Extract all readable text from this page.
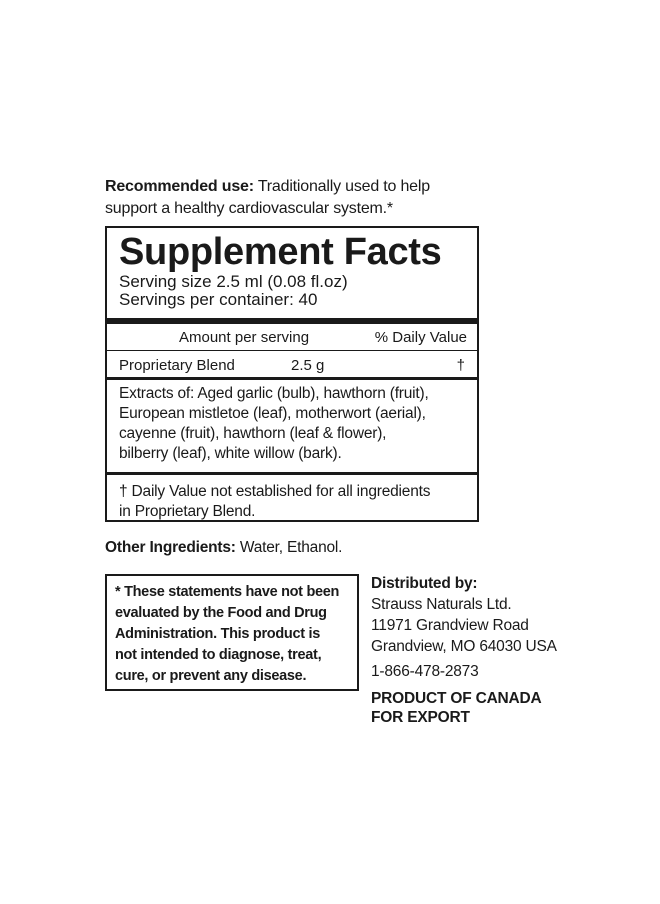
Recommended use: Traditionally used to help
support a healthy cardiovascular system.*
Supplement Facts
Serving size 2.5 ml (0.08 fl.oz)
Servings per container: 40
Amount per serving	% Daily Value
Proprietary Blend	2.5 g	†
Extracts of: Aged garlic (bulb), hawthorn (fruit),
European mistletoe (leaf), motherwort (aerial),
cayenne (fruit), hawthorn (leaf & flower),
bilberry (leaf), white willow (bark).
† Daily Value not established for all ingredients
in Proprietary Blend.
Other Ingredients: Water, Ethanol.
* These statements have not been
evaluated by the Food and Drug
Administration. This product is
not intended to diagnose, treat,
cure, or prevent any disease.
Distributed by:
Strauss Naturals Ltd.
11971 Grandview Road
Grandview, MO 64030 USA
1-866-478-2873
PRODUCT OF CANADA
FOR EXPORT
